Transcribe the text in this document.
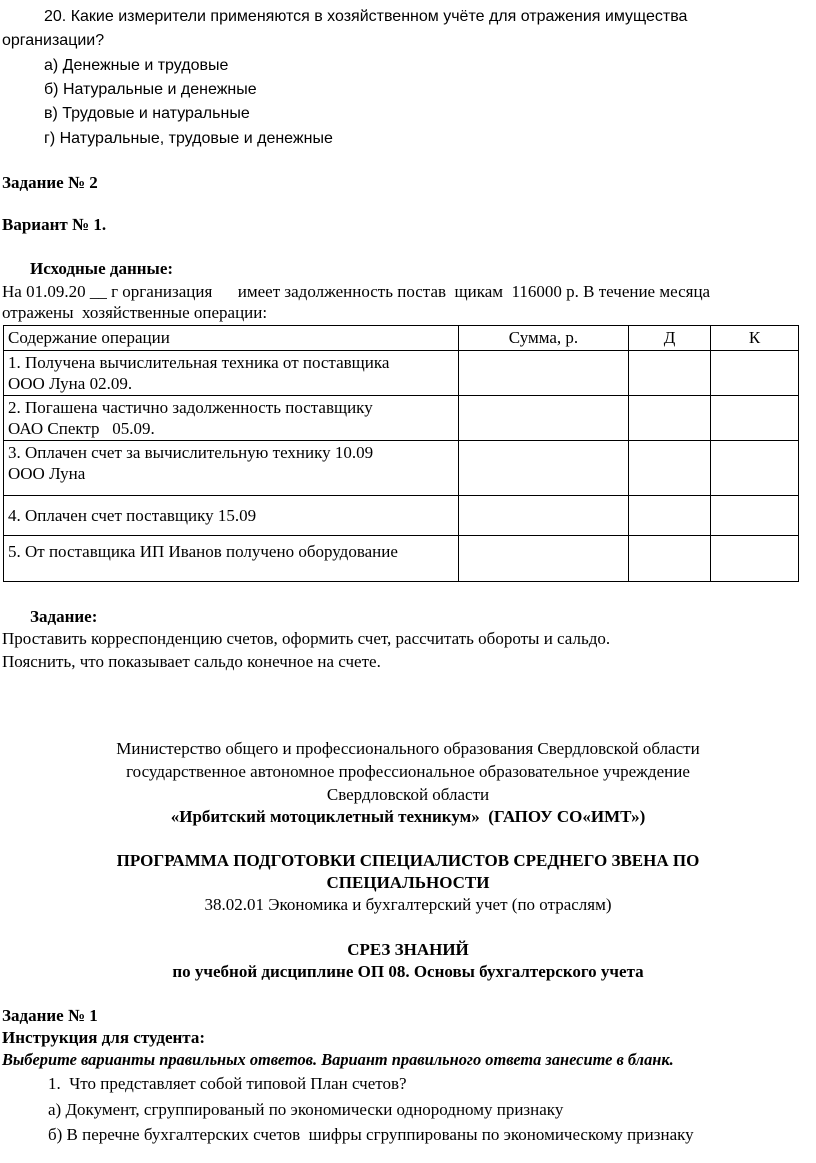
20. Какие измерители применяются в хозяйственном учёте для отражения имущества
организации?
а) Денежные и трудовые
б) Натуральные и денежные
в) Трудовые и натуральные
г) Натуральные, трудовые и денежные
Задание № 2
Вариант № 1.
Исходные данные:
На 01.09.20 __ г организация      имеет задолженность постав  щикам  116000 р. В течение месяца
отражены  хозяйственные операции:
Содержание операции	Сумма, р.	Д	К

1. Получена вычислительная техника от поставщика
ООО Луна 02.09.			

2. Погашена частично задолженность поставщику
ОАО Спектр   05.09.			

3. Оплачен счет за вычислительную технику 10.09
ООО Луна			

4. Оплачен счет поставщику 15.09			

5. От поставщика ИП Иванов получено оборудование			

Задание:
Проставить корреспонденцию счетов, оформить счет, рассчитать обороты и сальдо.
Пояснить, что показывает сальдо конечное на счете.
Министерство общего и профессионального образования Свердловской области
государственное автономное профессиональное образовательное учреждение
Свердловской области
«Ирбитский мотоциклетный техникум»  (ГАПОУ СО«ИМТ»)
ПРОГРАММА ПОДГОТОВКИ СПЕЦИАЛИСТОВ СРЕДНЕГО ЗВЕНА ПО
СПЕЦИАЛЬНОСТИ
38.02.01 Экономика и бухгалтерский учет (по отраслям)
СРЕЗ ЗНАНИЙ
по учебной дисциплине ОП 08. Основы бухгалтерского учета
Задание № 1
Инструкция для студента:
Выберите варианты правильных ответов. Вариант правильного ответа занесите в бланк.
1.  Что представляет собой типовой План счетов?
а) Документ, сгруппированый по экономически однородному признаку
б) В перечне бухгалтерских счетов  шифры сгруппированы по экономическому признаку
